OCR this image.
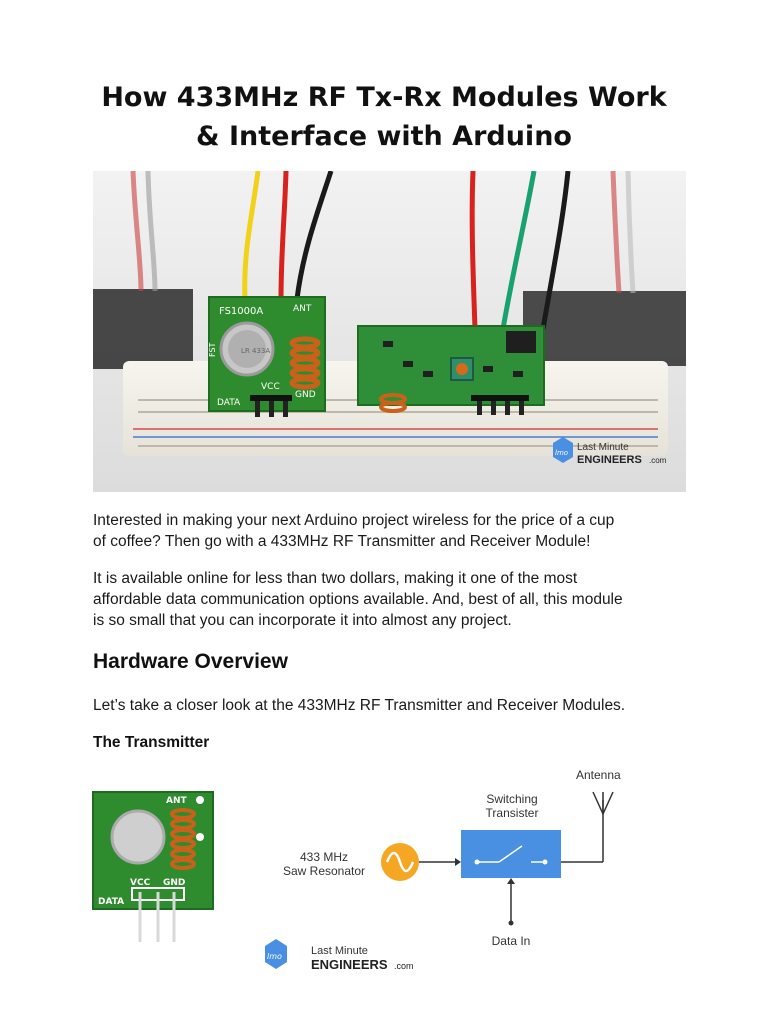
How 433MHz RF Tx-Rx Modules Work
& Interface with Arduino
FS1000A	ANT
FST	LR 433A
VCC
DATA
GND
lmo Last Minute
ENGINEERS .com

Interested in making your next Arduino project wireless for the price of a cup
of coffee? Then go with a 433MHz RF Transmitter and Receiver Module!

It is available online for less than two dollars, making it one of the most
affordable data communication options available. And, best of all, this module
is so small that you can incorporate it into almost any project.

Hardware Overview

Let’s take a closer look at the 433MHz RF Transmitter and Receiver Modules.

The Transmitter
ANT
VCC GND
DATA
433 MHz
Saw Resonator
Switching
Transister
Antenna
Data In
lmo	Last Minute
ENGINEERS .com
